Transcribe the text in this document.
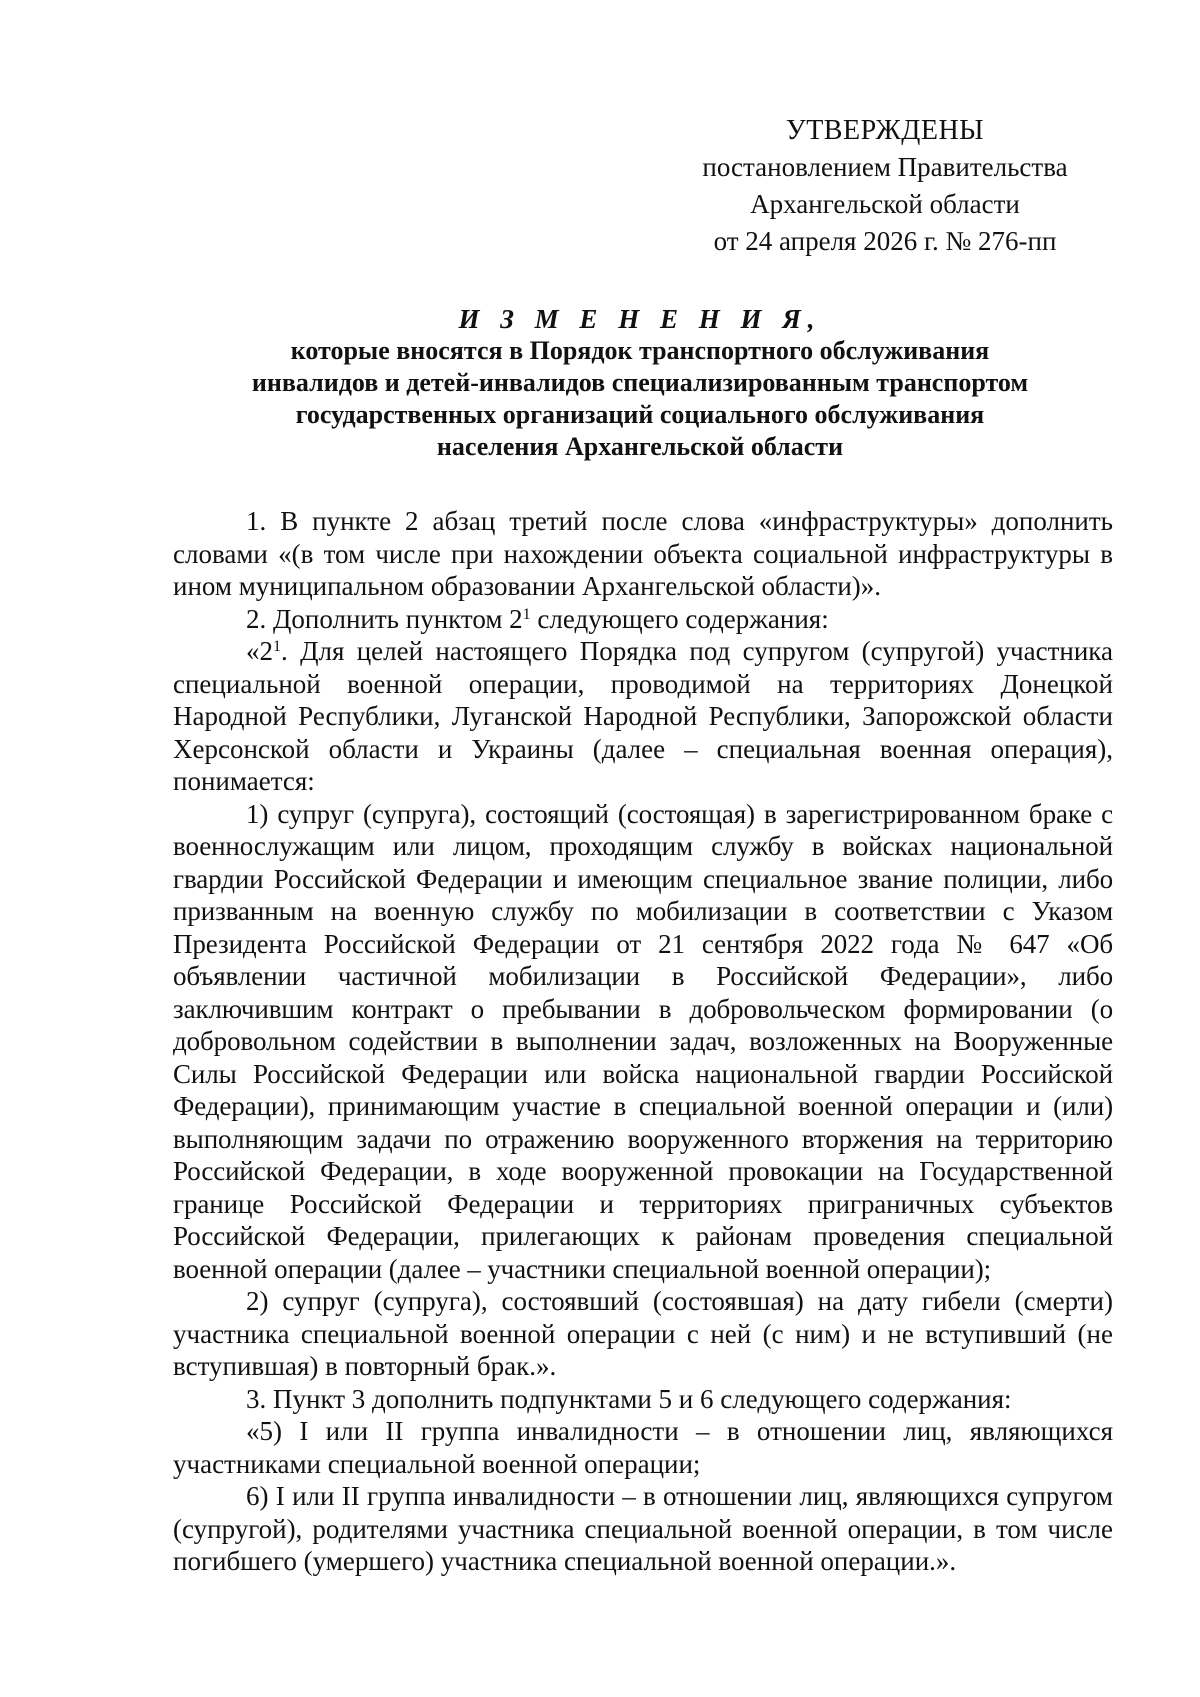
УТВЕРЖДЕНЫ
постановлением Правительства
Архангельской области
от 24 апреля 2026 г. № 276-пп
И З М Е Н Е Н И Я,
которые вносятся в Порядок транспортного обслуживания
инвалидов и детей-инвалидов специализированным транспортом
государственных организаций социального обслуживания
населения Архангельской области

1. В пункте 2 абзац третий после слова «инфраструктуры» дополнить словами «(в том числе при нахождении объекта социальной инфраструктуры в ином муниципальном образовании Архангельской области)».

2. Дополнить пунктом $2^1$ следующего содержания:

«$2^1$. Для целей настоящего Порядка под супругом (супругой) участника специальной военной операции, проводимой на территориях Донецкой Народной Республики, Луганской Народной Республики, Запорожской области Херсонской области и Украины (далее – специальная военная операция), понимается:

1) супруг (супруга), состоящий (состоящая) в зарегистрированном браке с военнослужащим или лицом, проходящим службу в войсках национальной гвардии Российской Федерации и имеющим специальное звание полиции, либо призванным на военную службу по мобилизации в соответствии с Указом Президента Российской Федерации от 21 сентября 2022 года № 647 «Об объявлении частичной мобилизации в Российской Федерации», либо заключившим контракт о пребывании в добровольческом формировании (о добровольном содействии в выполнении задач, возложенных на Вооруженные Силы Российской Федерации или войска национальной гвардии Российской Федерации), принимающим участие в специальной военной операции и (или) выполняющим задачи по отражению вооруженного вторжения на территорию Российской Федерации, в ходе вооруженной провокации на Государственной границе Российской Федерации и территориях приграничных субъектов Российской Федерации, прилегающих к районам проведения специальной военной операции (далее – участники специальной военной операции);

2) супруг (супруга), состоявший (состоявшая) на дату гибели (смерти) участника специальной военной операции с ней (с ним) и не вступивший (не вступившая) в повторный брак.».

3. Пункт 3 дополнить подпунктами 5 и 6 следующего содержания:

«5) I или II группа инвалидности – в отношении лиц, являющихся участниками специальной военной операции;

6) I или II группа инвалидности – в отношении лиц, являющихся супругом (супругой), родителями участника специальной военной операции, в том числе погибшего (умершего) участника специальной военной операции.».
